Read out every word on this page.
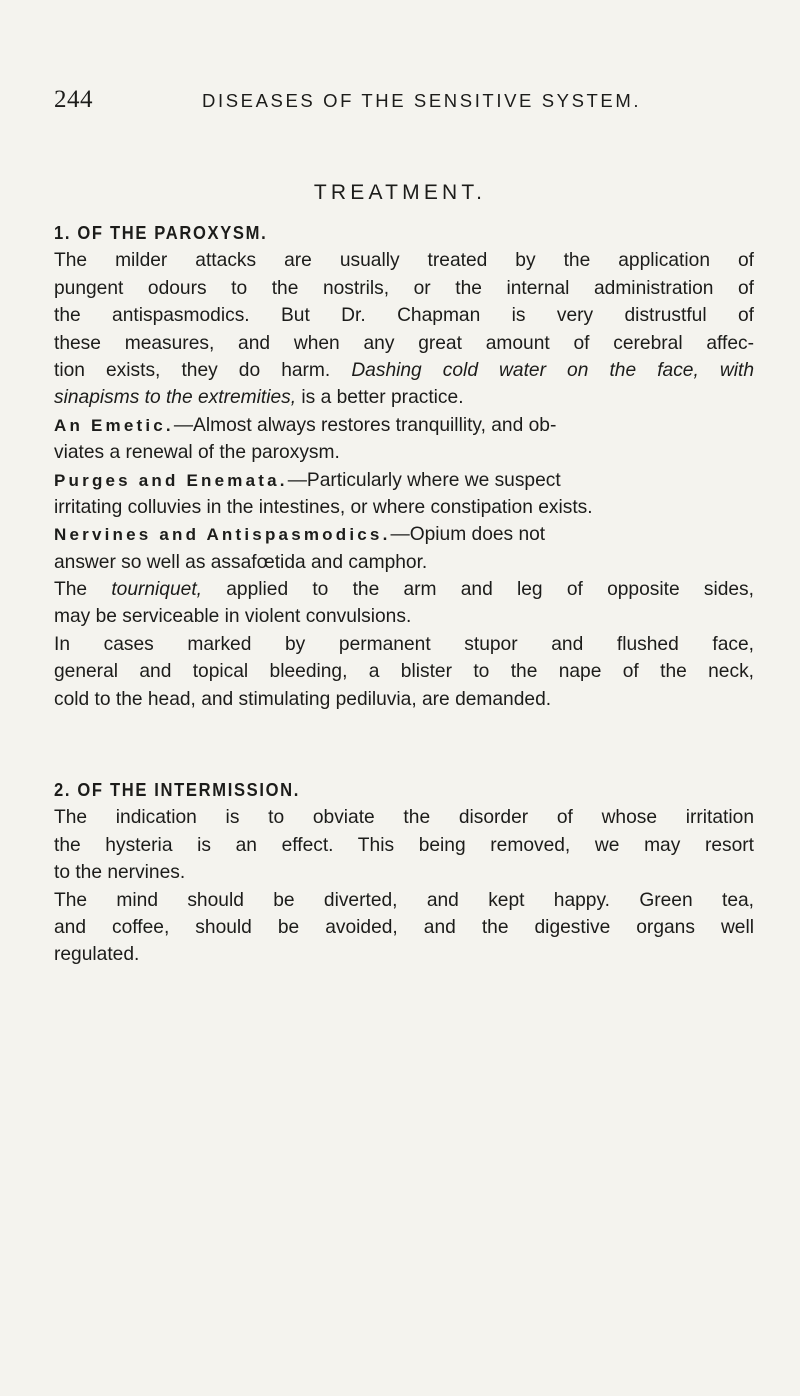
244	DISEASES OF THE SENSITIVE SYSTEM.
TREATMENT.
1. OF THE PAROXYSM.
The milder attacks are usually treated by the application of
pungent odours to the nostrils, or the internal administration of
the antispasmodics. But Dr. Chapman is very distrustful of
these measures, and when any great amount of cerebral affec-
tion exists, they do harm. Dashing cold water on the face, with
sinapisms to the extremities, is a better practice.
An Emetic.—Almost always restores tranquillity, and ob-
viates a renewal of the paroxysm.
Purges and Enemata.—Particularly where we suspect
irritating colluvies in the intestines, or where constipation exists.
Nervines and Antispasmodics.—Opium does not
answer so well as assafœtida and camphor.
The tourniquet, applied to the arm and leg of opposite sides,
may be serviceable in violent convulsions.
In cases marked by permanent stupor and flushed face,
general and topical bleeding, a blister to the nape of the neck,
cold to the head, and stimulating pediluvia, are demanded.
2. OF THE INTERMISSION.
The indication is to obviate the disorder of whose irritation
the hysteria is an effect. This being removed, we may resort
to the nervines.
The mind should be diverted, and kept happy. Green tea,
and coffee, should be avoided, and the digestive organs well
regulated.
